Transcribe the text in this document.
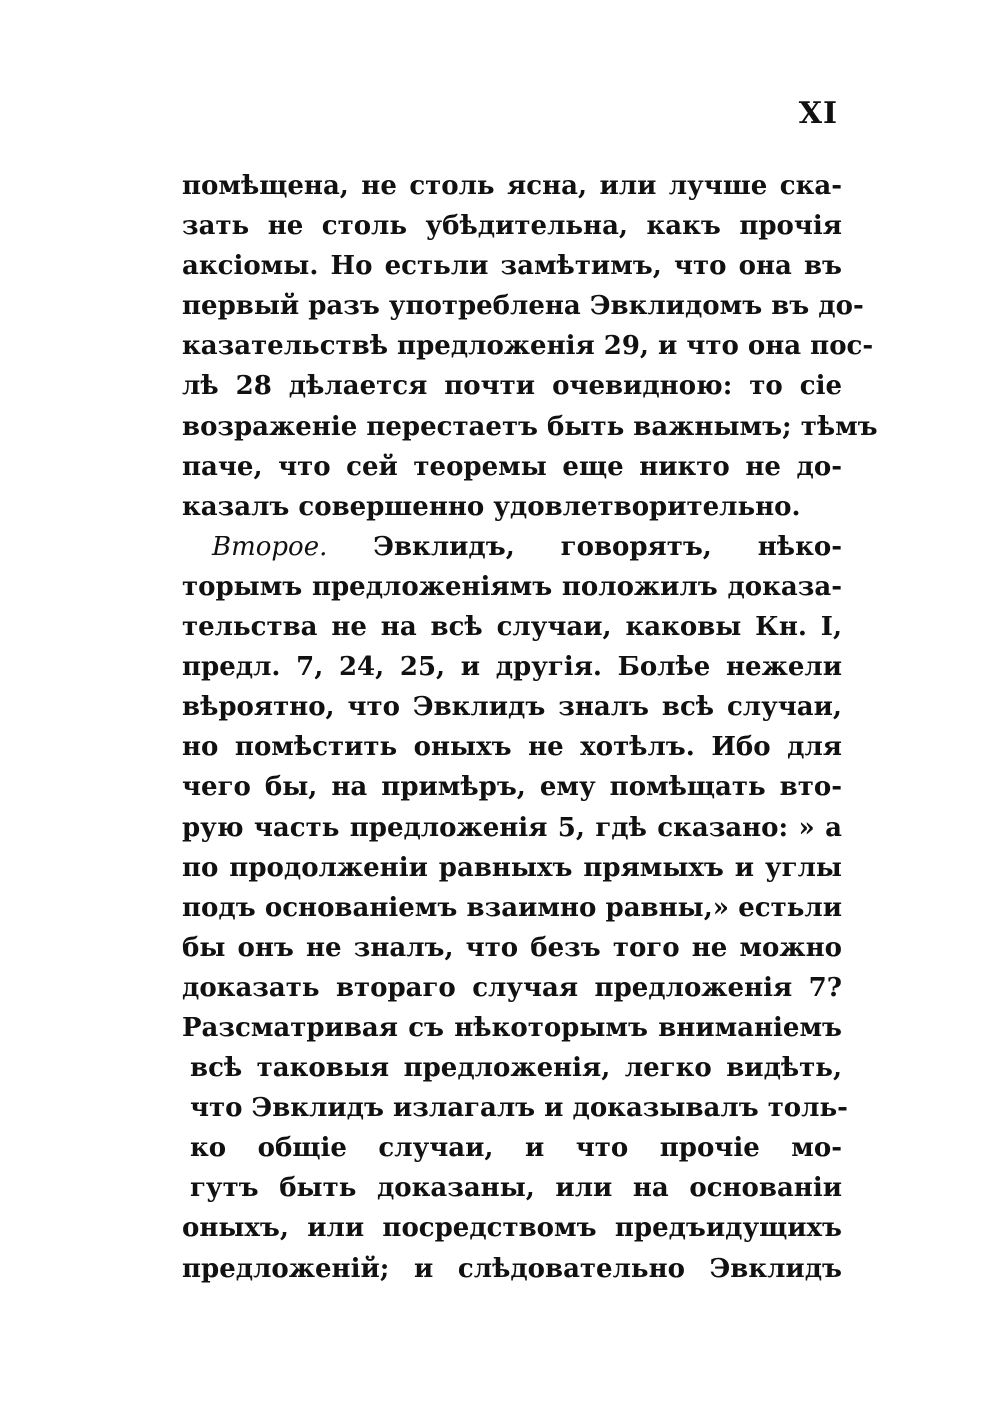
XI
помѣщена, не столь ясна, или лучше ска-
зать не столь убѣдительна, какъ прочія
аксiомы. Но естьли замѣтимъ, что она въ
первый разъ употреблена Эвклидомъ въ до-
казательствѣ предложенія 29, и что она пос-
лѣ 28 дѣлается почти очевидною: то сiе
возраженiе перестаетъ быть важнымъ; тѣмъ
паче, что сей теоремы еще никто не до-
казалъ совершенно удовлетворительно.
Второе. Эвклидъ, говорятъ, нѣко-
торымъ предложенiямъ положилъ доказа-
тельства не на всѣ случаи, каковы Кн. I,
предл. 7, 24, 25, и другiя. Болѣе нежели
вѣроятно, что Эвклидъ зналъ всѣ случаи,
но помѣстить оныхъ не хотѣлъ. Ибо для
чего бы, на примѣръ, ему помѣщать вто-
рую часть предложенія 5, гдѣ сказано: » а
по продолженiи равныхъ прямыхъ и углы
подъ основанiемъ взаимно равны,» естьли
бы онъ не зналъ, что безъ того не можно
доказать втораго случая предложенія 7?
Разсматривая съ нѣкоторымъ вниманiемъ
всѣ таковыя предложенія, легко видѣть,
что Эвклидъ излагалъ и доказывалъ толь-
ко общiе случаи, и что прочiе мо-
гутъ быть доказаны, или на основанiи
оныхъ, или посредствомъ предъидущихъ
предложенiй; и слѣдовательно Эвклидъ
